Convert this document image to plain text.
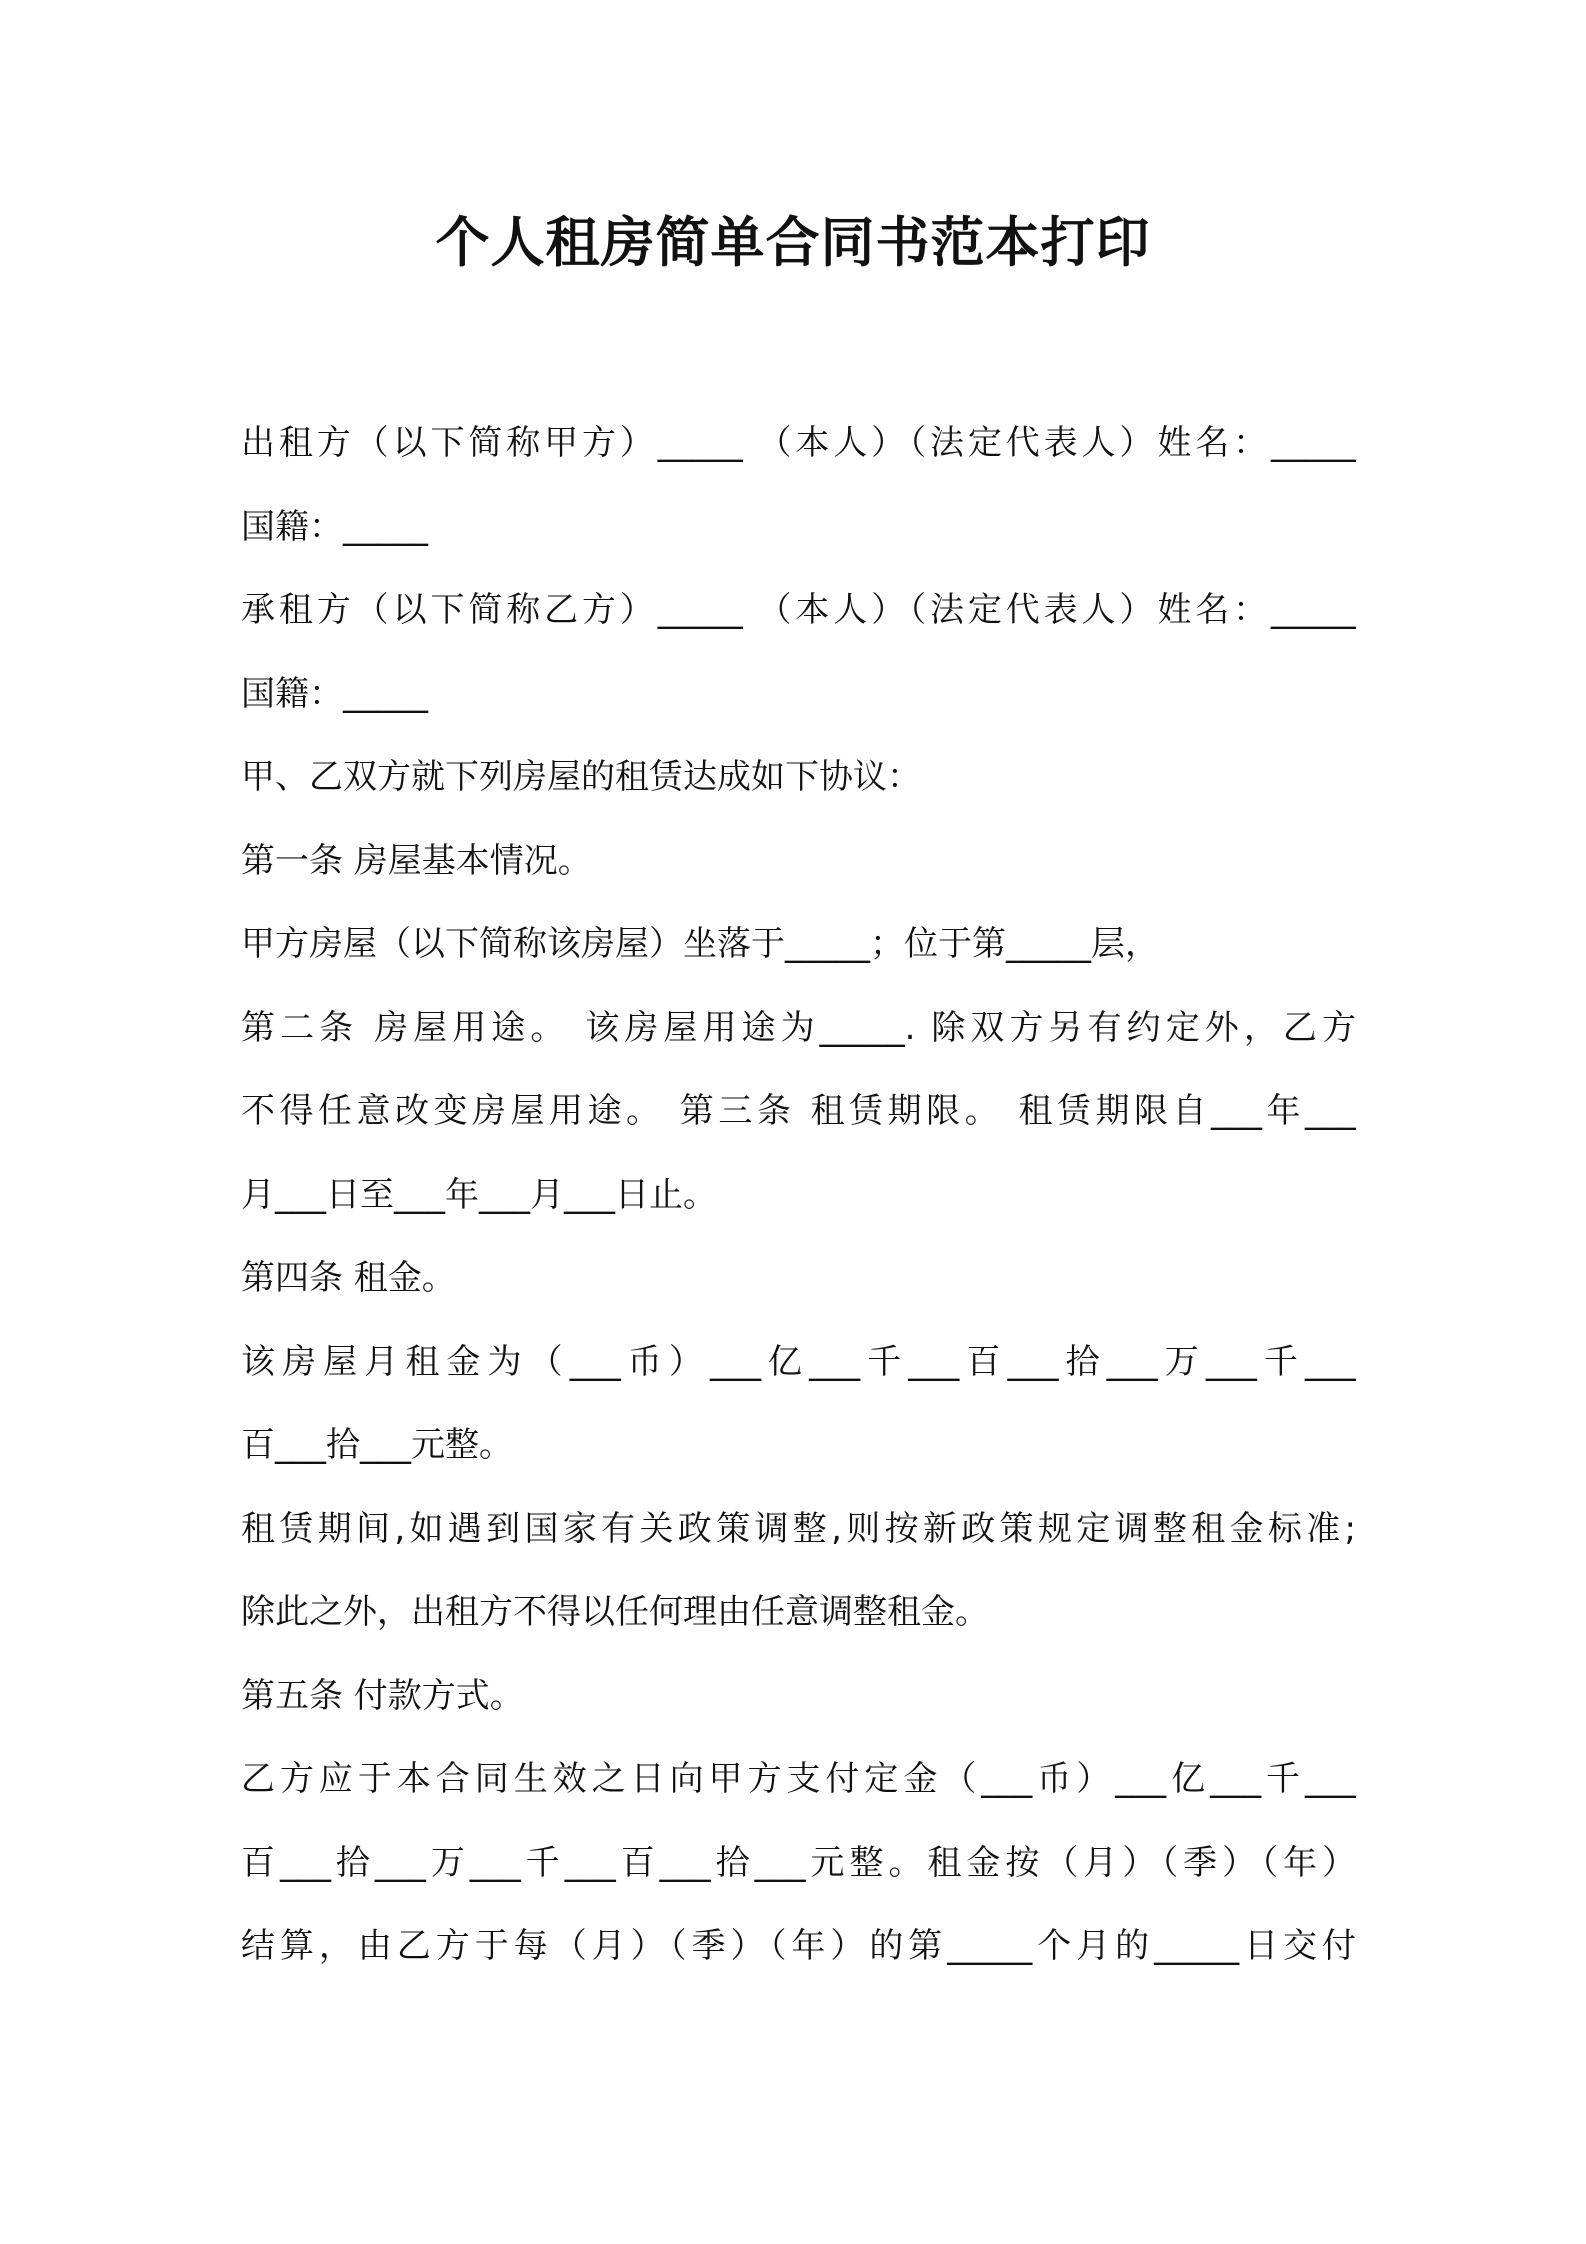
个人租房简单合同书范本打印
出租方（以下简称甲方）_____ （本人）（法定代表人）姓名：_____
国籍：_____
承租方（以下简称乙方）_____ （本人）（法定代表人）姓名：_____
国籍：_____
甲、乙双方就下列房屋的租赁达成如下协议：
第一条 房屋基本情况。
甲方房屋（以下简称该房屋）坐落于_____；位于第_____层，
第二条 房屋用途。 该房屋用途为_____. 除双方另有约定外，乙方
不得任意改变房屋用途。 第三条 租赁期限。 租赁期限自___年___
月___日至___年___月___日止。
第四条 租金。
该房屋月租金为（___币）___亿___千___百___拾___万___千___
百___拾___元整。
租赁期间,如遇到国家有关政策调整,则按新政策规定调整租金标准;
除此之外，出租方不得以任何理由任意调整租金。
第五条 付款方式。
乙方应于本合同生效之日向甲方支付定金（___币）___亿___千___
百___拾___万___千___百___拾___元整。租金按（月）（季）（年）
结算，由乙方于每（月）（季）（年）的第_____个月的_____日交付
